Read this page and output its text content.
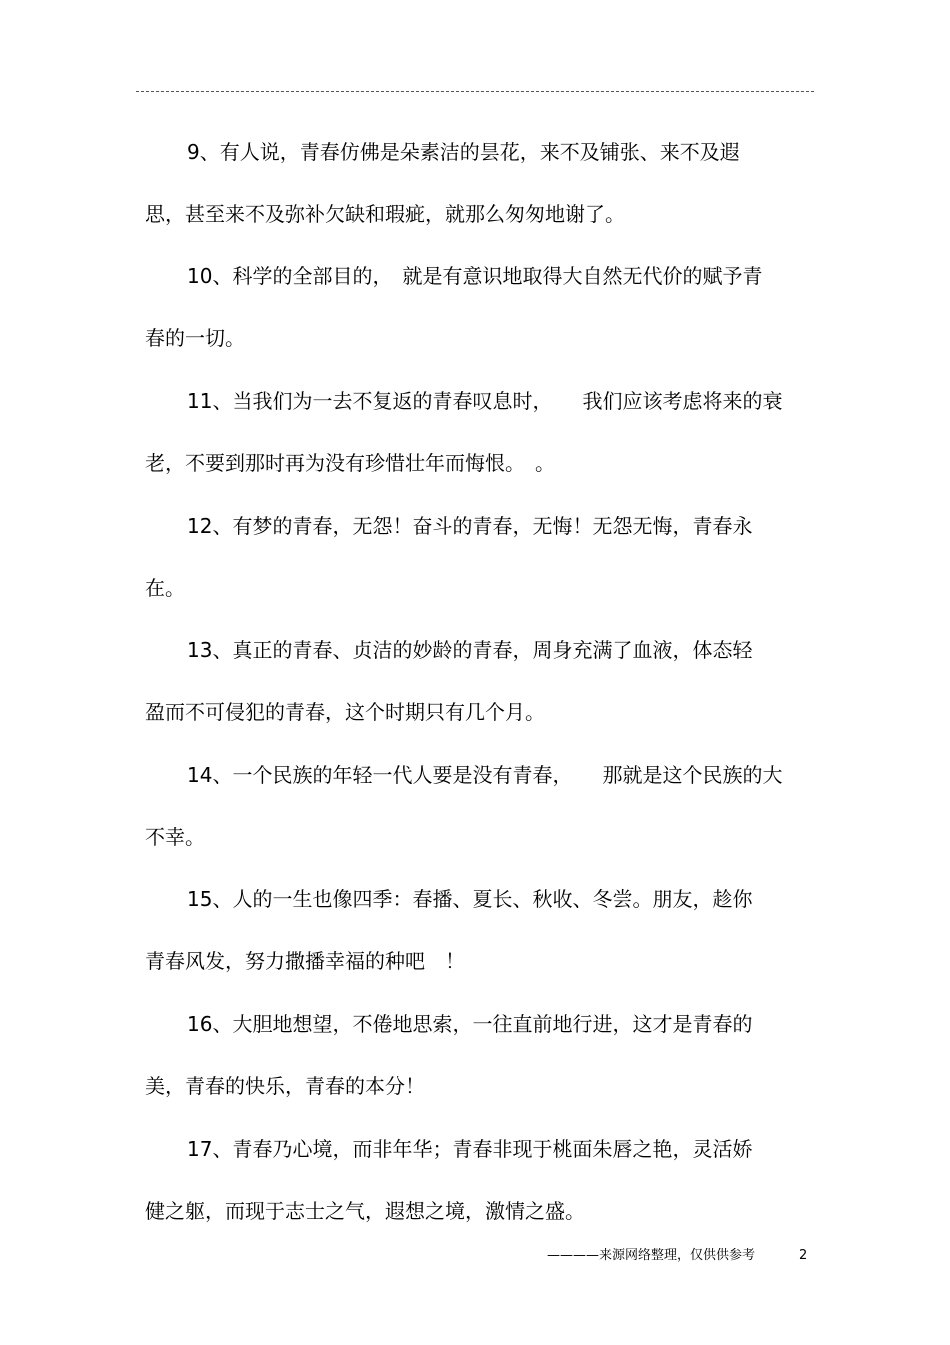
9、有人说，青春仿佛是朵素洁的昙花，来不及铺张、来不及遐
思，甚至来不及弥补欠缺和瑕疵，就那么匆匆地谢了。

10、科学的全部目的，　就是有意识地取得大自然无代价的赋予青
春的一切。

11、当我们为一去不复返的青春叹息时，　　我们应该考虑将来的衰
老，不要到那时再为没有珍惜壮年而悔恨。　。

12、有梦的青春，无怨！奋斗的青春，无悔！无怨无悔，青春永
在。

13、真正的青春、贞洁的妙龄的青春，周身充满了血液，体态轻
盈而不可侵犯的青春，这个时期只有几个月。

14、一个民族的年轻一代人要是没有青春，　　那就是这个民族的大
不幸。

15、人的一生也像四季：春播、夏长、秋收、冬尝。朋友，趁你
青春风发，努力撒播幸福的种吧　！

16、大胆地想望，不倦地思索，一往直前地行进，这才是青春的
美，青春的快乐，青春的本分！

17、青春乃心境，而非年华；青春非现于桃面朱唇之艳，灵活娇
健之躯，而现于志士之气，遐想之境，激情之盛。

————来源网络整理，仅供供参考	2
